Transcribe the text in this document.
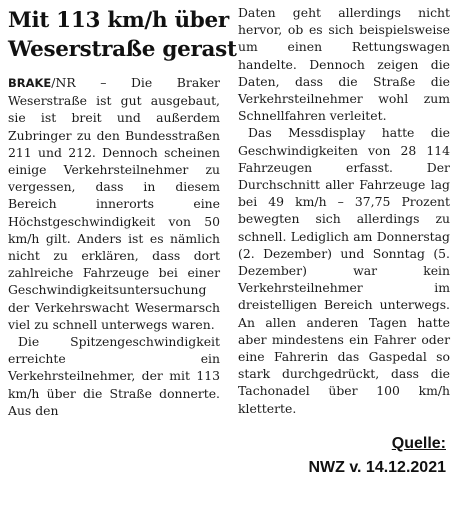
Mit 113 km/h über
Weserstraße gerast

BRAKE/NR – Die Braker Weserstraße ist gut ausgebaut, sie ist breit und außerdem Zubringer zu den Bundesstraßen 211 und 212. Dennoch scheinen einige Verkehrsteilnehmer zu vergessen, dass in diesem Bereich innerorts eine Höchstgeschwindigkeit von 50 km/h gilt. Anders ist es nämlich nicht zu erklären, dass dort zahlreiche Fahrzeuge bei einer Geschwindigkeitsuntersuchung der Verkehrswacht Wesermarsch viel zu schnell unterwegs waren.

Die Spitzengeschwindigkeit erreichte ein Verkehrsteilnehmer, der mit 113 km/h über die Straße donnerte. Aus den

Daten geht allerdings nicht hervor, ob es sich beispielsweise um einen Rettungswagen handelte. Dennoch zeigen die Daten, dass die Straße die Verkehrsteilnehmer wohl zum Schnellfahren verleitet.

Das Messdisplay hatte die Geschwindigkeiten von 28 114 Fahrzeugen erfasst. Der Durchschnitt aller Fahrzeuge lag bei 49 km/h – 37,75 Prozent bewegten sich allerdings zu schnell. Lediglich am Donnerstag (2. Dezember) und Sonntag (5. Dezember) war kein Verkehrsteilnehmer im dreistelligen Bereich unterwegs. An allen anderen Tagen hatte aber mindestens ein Fahrer oder eine Fahrerin das Gaspedal so stark durchgedrückt, dass die Tachonadel über 100 km/h kletterte.

Quelle:
NWZ v. 14.12.2021
